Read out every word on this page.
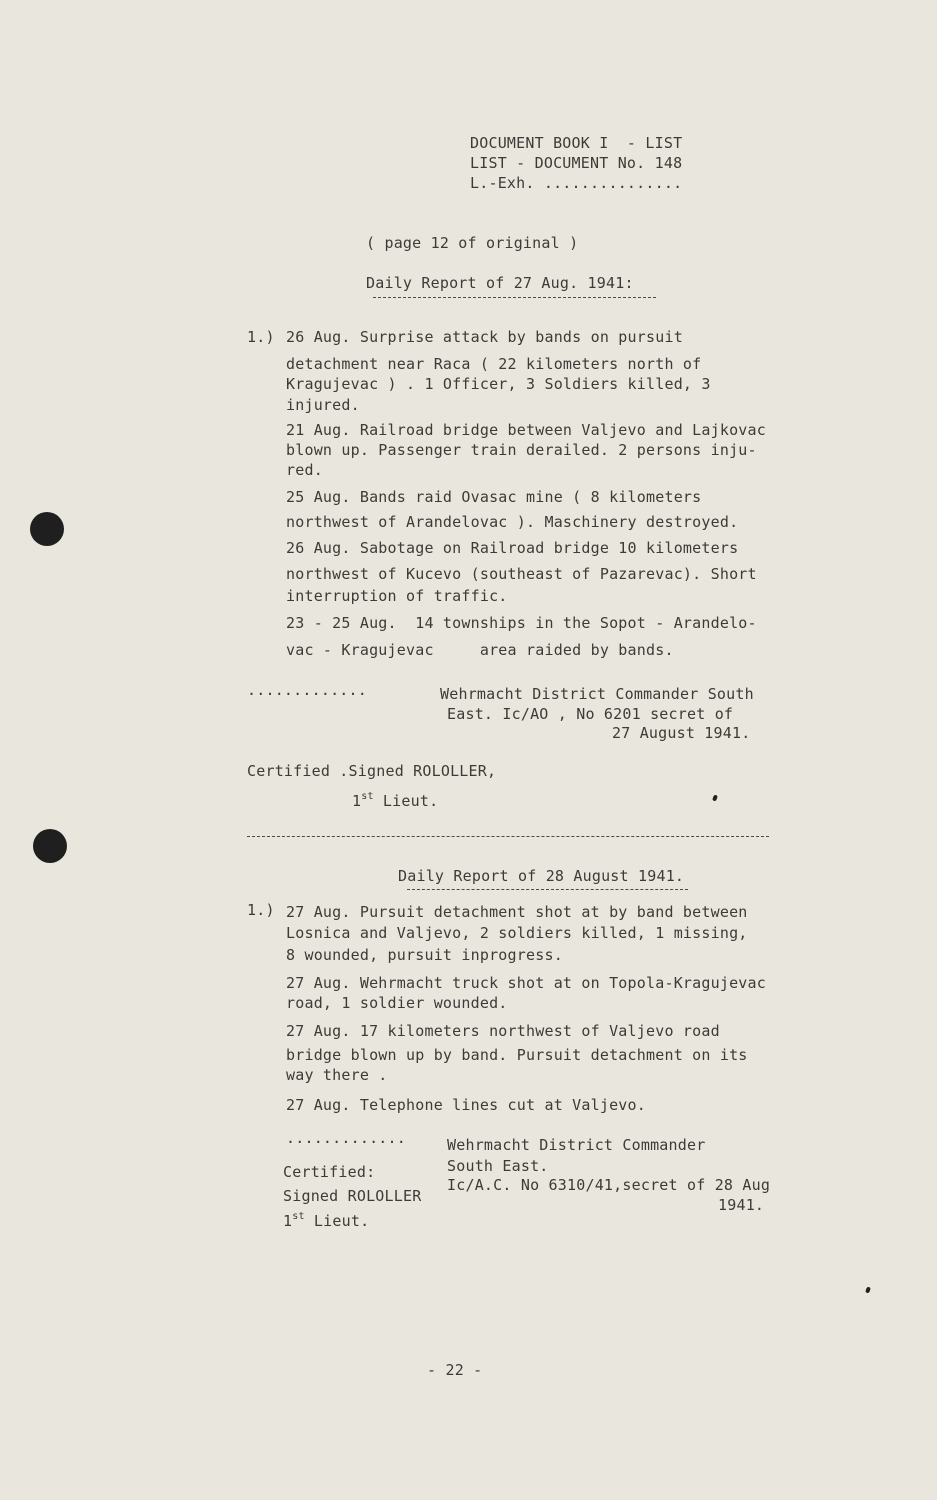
DOCUMENT BOOK I  - LIST
LIST - DOCUMENT No. 148
L.-Exh. ...............
( page 12 of original )
Daily Report of 27 Aug. 1941:
1.) 26 Aug. Surprise attack by bands on pursuit
detachment near Raca ( 22 kilometers north of
Kragujevac ) . 1 Officer, 3 Soldiers killed, 3
injured.
21 Aug. Railroad bridge between Valjevo and Lajkovac
blown up. Passenger train derailed. 2 persons inju-
red.
25 Aug. Bands raid Ovasac mine ( 8 kilometers
northwest of Arandelovac ). Maschinery destroyed.
26 Aug. Sabotage on Railroad bridge 10 kilometers
northwest of Kucevo (southeast of Pazarevac). Short
interruption of traffic.
23 - 25 Aug.  14 townships in the Sopot - Arandelo-
vac - Kragujevac     area raided by bands.
.............	Wehrmacht District Commander South
East. Ic/AO , No 6201 secret of
27 August 1941.
Certified .Signed ROLOLLER,
1st Lieut.
Daily Report of 28 August 1941.
1.) 27 Aug. Pursuit detachment shot at by band between
Losnica and Valjevo, 2 soldiers killed, 1 missing,
8 wounded, pursuit inprogress.
27 Aug. Wehrmacht truck shot at on Topola-Kragujevac
road, 1 soldier wounded.
27 Aug. 17 kilometers northwest of Valjevo road
bridge blown up by band. Pursuit detachment on its
way there .
27 Aug. Telephone lines cut at Valjevo.
.............	Wehrmacht District Commander
South East.
Ic/A.C. No 6310/41,secret of 28 Aug
1941.
Certified:
Signed ROLOLLER
1st Lieut.
- 22 -
